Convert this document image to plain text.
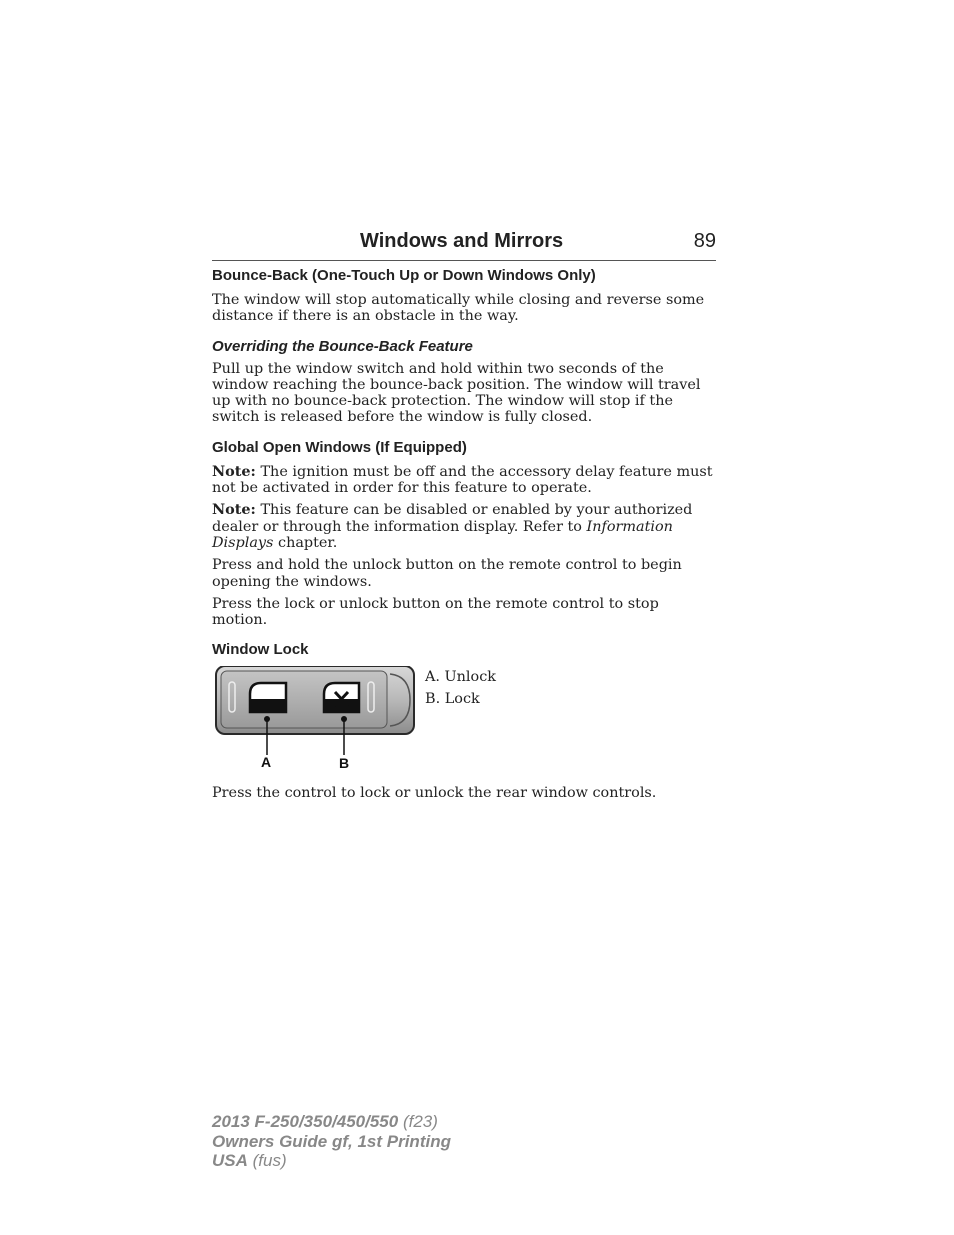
Windows and Mirrors	89
Bounce-Back (One-Touch Up or Down Windows Only)

The window will stop automatically while closing and reverse some distance if there is an obstacle in the way.

Overriding the Bounce-Back Feature

Pull up the window switch and hold within two seconds of the window reaching the bounce-back position. The window will travel up with no bounce-back protection. The window will stop if the switch is released before the window is fully closed.

Global Open Windows (If Equipped)

Note: The ignition must be off and the accessory delay feature must not be activated in order for this feature to operate.

Note: This feature can be disabled or enabled by your authorized dealer or through the information display. Refer to Information Displays chapter.

Press and hold the unlock button on the remote control to begin opening the windows.

Press the lock or unlock button on the remote control to stop motion.

Window Lock
A	B
A. Unlock
B. Lock

Press the control to lock or unlock the rear window controls.

2013 F-250/350/450/550 (f23)
Owners Guide gf, 1st Printing
USA (fus)
